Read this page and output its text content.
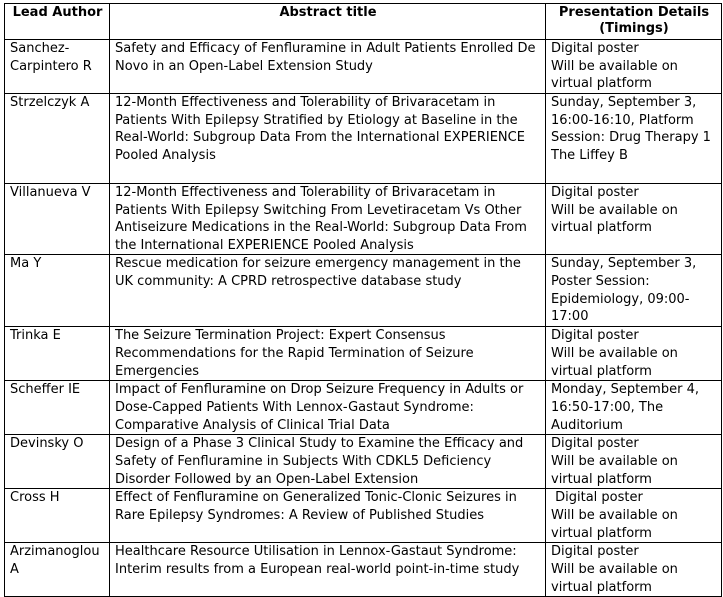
Lead Author	Abstract title	Presentation Details (Timings)
Sanchez-Carpintero R	Safety and Efficacy of Fenfluramine in Adult Patients Enrolled De Novo in an Open-Label Extension Study	Digital poster
Will be available on virtual platform

Strzelczyk A	12-Month Effectiveness and Tolerability of Brivaracetam in Patients With Epilepsy Stratified by Etiology at Baseline in the Real-World: Subgroup Data From the International EXPERIENCE Pooled Analysis	Sunday, September 3, 16:00-16:10, Platform Session: Drug Therapy 1
The Liffey B

Villanueva V	12-Month Effectiveness and Tolerability of Brivaracetam in Patients With Epilepsy Switching From Levetiracetam Vs Other Antiseizure Medications in the Real-World: Subgroup Data From the International EXPERIENCE Pooled Analysis	Digital poster
Will be available on virtual platform

Ma Y	Rescue medication for seizure emergency management in the UK community: A CPRD retrospective database study	Sunday, September 3, Poster Session: Epidemiology, 09:00-17:00

Trinka E	The Seizure Termination Project: Expert Consensus Recommendations for the Rapid Termination of Seizure Emergencies	Digital poster
Will be available on virtual platform

Scheffer IE	Impact of Fenfluramine on Drop Seizure Frequency in Adults or Dose-Capped Patients With Lennox-Gastaut Syndrome: Comparative Analysis of Clinical Trial Data	Monday, September 4, 16:50-17:00, The Auditorium

Devinsky O	Design of a Phase 3 Clinical Study to Examine the Efficacy and Safety of Fenfluramine in Subjects With CDKL5 Deficiency Disorder Followed by an Open-Label Extension	Digital poster
Will be available on virtual platform

Cross H	Effect of Fenfluramine on Generalized Tonic-Clonic Seizures in Rare Epilepsy Syndromes: A Review of Published Studies	Digital poster
Will be available on virtual platform

Arzimanoglou A	Healthcare Resource Utilisation in Lennox-Gastaut Syndrome: Interim results from a European real-world point-in-time study	Digital poster
Will be available on virtual platform
